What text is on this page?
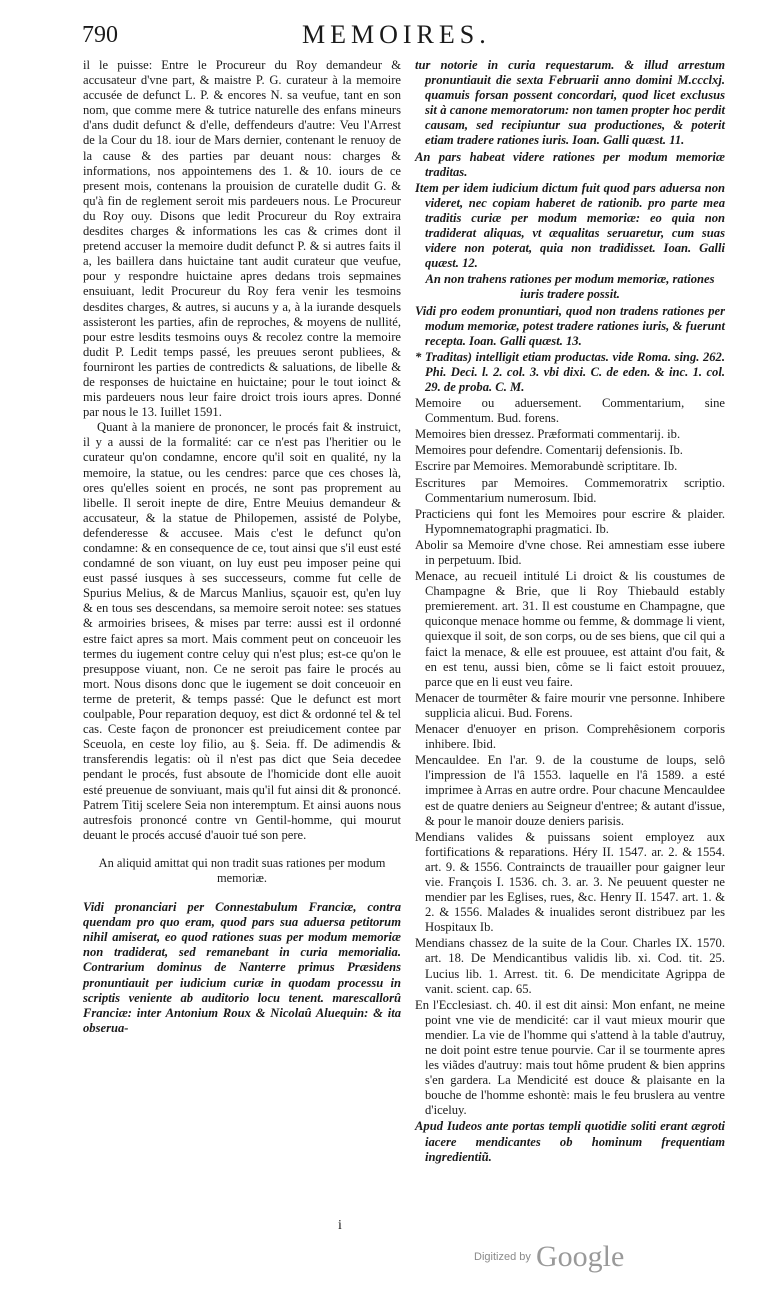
790	MEMOIRES.

il le puisse: Entre le Procureur du Roy demandeur & accusateur d'vne part, & maistre P. G. curateur à la memoire accusée de defunct L. P. & encores N. sa veufue, tant en son nom, que comme mere & tutrice naturelle des enfans mineurs d'ans dudit defunct & d'elle, deffendeurs d'autre: Veu l'Arrest de la Cour du 18. iour de Mars dernier, contenant le renuoy de la cause & des parties par deuant nous: charges & informations, nos appointemens des 1. & 10. iours de ce present mois, contenans la prouision de curatelle dudit G. & qu'à fin de reglement seroit mis pardeuers nous. Le Procureur du Roy ouy. Disons que ledit Procureur du Roy extraira desdites charges & informations les cas & crimes dont il pretend accuser la memoire dudit defunct P. & si autres faits il a, les baillera dans huictaine tant audit curateur que veufue, pour y respondre huictaine apres dedans trois sepmaines ensuiuant, ledit Procureur du Roy fera venir les tesmoins desdites charges, & autres, si aucuns y a, à la iurande desquels assisteront les parties, afin de reproches, & moyens de nullité, pour estre lesdits tesmoins ouys & recolez contre la memoire dudit P. Ledit temps passé, les preuues seront publiees, & fourniront les parties de contredicts & saluations, de libelle & de responses de huictaine en huictaine; pour le tout ioinct & mis pardeuers nous leur faire droict trois iours apres. Donné par nous le 13. Iuillet 1591.

Quant à la maniere de prononcer, le procés fait & instruict, il y a aussi de la formalité: car ce n'est pas l'heritier ou le curateur qu'on condamne, encore qu'il soit en qualité, ny la memoire, la statue, ou les cendres: parce que ces choses là, ores qu'elles soient en procés, ne sont pas proprement au libelle. Il seroit inepte de dire, Entre Meuius demandeur & accusateur, & la statue de Philopemen, assisté de Polybe, defenderesse & accusee. Mais c'est le defunct qu'on condamne: & en consequence de ce, tout ainsi que s'il eust esté condamné de son viuant, on luy eust peu imposer peine qui eust passé iusques à ses successeurs, comme fut celle de Spurius Melius, & de Marcus Manlius, sçauoir est, qu'en luy & en tous ses descendans, sa memoire seroit notee: ses statues & armoiries brisees, & mises par terre: aussi est il ordonné estre faict apres sa mort. Mais comment peut on conceuoir les termes du iugement contre celuy qui n'est plus; est-ce qu'on le presuppose viuant, non. Ce ne seroit pas faire le procés au mort. Nous disons donc que le iugement se doit conceuoir en terme de preterit, & temps passé: Que le defunct est mort coulpable, Pour reparation dequoy, est dict & ordonné tel & tel cas. Ceste façon de prononcer est preiudicement contee par Sceuola, en ceste loy filio, au §. Seia. ff. De adimendis & transferendis legatis: où il n'est pas dict que Seia decedee pendant le procés, fust absoute de l'homicide dont elle auoit esté preuenue de sonviuant, mais qu'il fut ainsi dit & prononcé. Patrem Titij scelere Seia non interemptum. Et ainsi auons nous autresfois prononcé contre vn Gentil-homme, qui mourut deuant le procés accusé d'auoir tué son pere.

An aliquid amittat qui non tradit suas rationes per modum memoriæ.

Vidi pronanciari per Connestabulum Franciæ, contra quendam pro quo eram, quod pars sua aduersa petitorum nihil amiserat, eo quod rationes suas per modum memoriæ non tradiderat, sed remanebant in curia memorialia. Contrarium dominus de Nanterre primus Præsidens pronuntiauit per iudicium curiæ in quodam processu in scriptis veniente ab auditorio locu tenent. marescallorû Franciæ: inter Antonium Roux & Nicolaû Aluequin: & ita obserua-

tur notorie in curia requestarum. & illud arrestum pronuntiauit die sexta Februarii anno domini M.ccclxj. quamuis forsan possent concordari, quod licet exclusus sit à canone memoratorum: non tamen propter hoc perdit causam, sed recipiuntur sua productiones, & poterit etiam tradere rationes iuris. Ioan. Galli quæst. 11.

An pars habeat videre rationes per modum memoriæ traditas.

Item per idem iudicium dictum fuit quod pars aduersa non videret, nec copiam haberet de rationib. pro parte mea traditis curiæ per modum memoriæ: eo quia non tradiderat aliquas, vt æqualitas seruaretur, cum suas videre non poterat, quia non tradidisset. Ioan. Galli quæst. 12.

An non trahens rationes per modum memoriæ, rationes iuris tradere possit.

Vidi pro eodem pronuntiari, quod non tradens rationes per modum memoriæ, potest tradere rationes iuris, & fuerunt recepta. Ioan. Galli quæst. 13.

* Traditas) intelligit etiam productas. vide Roma. sing. 262. Phi. Deci. l. 2. col. 3. vbi dixi. C. de eden. & inc. 1. col. 29. de proba. C. M.

Memoire ou aduersement. Commentarium, sine Commentum. Bud. forens.

Memoires bien dressez. Præformati commentarij. ib.

Memoires pour defendre. Comentarij defensionis. Ib.

Escrire par Memoires. Memorabundè scriptitare. Ib.

Escritures par Memoires. Commemoratrix scriptio. Commentarium numerosum. Ibid.

Practiciens qui font les Memoires pour escrire & plaider. Hypomnematographi pragmatici. Ib.

Abolir sa Memoire d'vne chose. Rei amnestiam esse iubere in perpetuum. Ibid.

Menace, au recueil intitulé Li droict & lis coustumes de Champagne & Brie, que li Roy Thiebauld estably premierement. art. 31. Il est coustume en Champagne, que quiconque menace homme ou femme, & dommage li vient, quiexque il soit, de son corps, ou de ses biens, que cil qui a faict la menace, & elle est prouuee, est attaint d'ou fait, & en est tenu, aussi bien, côme se li faict estoit prouuez, parce que en li eust veu faire.

Menacer de tourmêter & faire mourir vne personne. Inhibere supplicia alicui. Bud. Forens.

Menacer d'enuoyer en prison. Comprehêsionem corporis inhibere. Ibid.

Mencauldee. En l'ar. 9. de la coustume de loups, selô l'impression de l'â 1553. laquelle en l'â 1589. a esté imprimee à Arras en autre ordre. Pour chacune Mencauldee est de quatre deniers au Seigneur d'entree; & autant d'issue, & pour le manoir douze deniers parisis.

Mendians valides & puissans soient employez aux fortifications & reparations. Héry II. 1547. ar. 2. & 1554. art. 9. & 1556. Contraincts de trauailler pour gaigner leur vie. François I. 1536. ch. 3. ar. 3. Ne peuuent quester ne mendier par les Eglises, rues, &c. Henry II. 1547. art. 1. & 2. & 1556. Malades & inualides seront distribuez par les Hospitaux Ib.

Mendians chassez de la suite de la Cour. Charles IX. 1570. art. 18. De Mendicantibus validis lib. xi. Cod. tit. 25. Lucius lib. 1. Arrest. tit. 6. De mendicitate Agrippa de vanit. scient. cap. 65.

En l'Ecclesiast. ch. 40. il est dit ainsi: Mon enfant, ne meine point vne vie de mendicité: car il vaut mieux mourir que mendier. La vie de l'homme qui s'attend à la table d'autruy, ne doit point estre tenue pourvie. Car il se tourmente apres les viãdes d'autruy: mais tout hôme prudent & bien apprins s'en gardera. La Mendicité est douce & plaisante en la bouche de l'homme eshontè: mais le feu bruslera au ventre d'iceluy.

Apud Iudeos ante portas templi quotidie soliti erant ægroti iacere mendicantes ob hominum frequentiam ingredientiũ.

i
Digitized by Google
